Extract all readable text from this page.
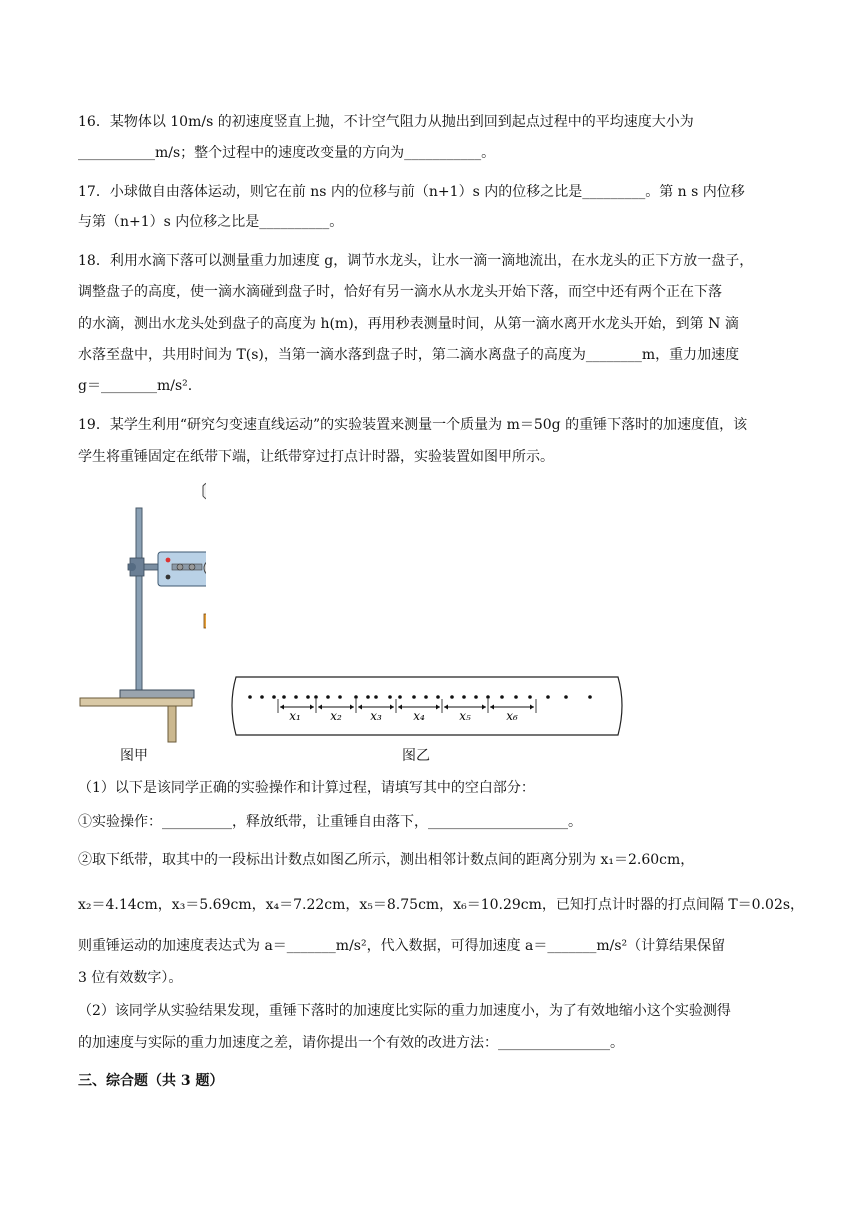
16．某物体以 10m/s 的初速度竖直上抛，不计空气阻力从抛出到回到起点过程中的平均速度大小为
___________m/s；整个过程中的速度改变量的方向为___________。
17．小球做自由落体运动，则它在前 ns 内的位移与前（n+1）s 内的位移之比是_________。第 n s 内位移
与第（n+1）s 内位移之比是__________。
18．利用水滴下落可以测量重力加速度 g，调节水龙头，让水一滴一滴地流出，在水龙头的正下方放一盘子，
调整盘子的高度，使一滴水滴碰到盘子时，恰好有另一滴水从水龙头开始下落，而空中还有两个正在下落
的水滴，测出水龙头处到盘子的高度为 h(m)，再用秒表测量时间，从第一滴水离开水龙头开始，到第 N 滴
水落至盘中，共用时间为 T(s)，当第一滴水落到盘子时，第二滴水离盘子的高度为________m，重力加速度
g＝________m/s².
19．某学生利用“研究匀变速直线运动”的实验装置来测量一个质量为 m＝50g 的重锤下落时的加速度值，该
学生将重锤固定在纸带下端，让纸带穿过打点计时器，实验装置如图甲所示。
x₁ x₂ x₃	x₄	x₅	x₆
图甲	图乙
（1）以下是该同学正确的实验操作和计算过程，请填写其中的空白部分：
①实验操作：__________，释放纸带，让重锤自由落下，____________________。
②取下纸带，取其中的一段标出计数点如图乙所示，测出相邻计数点间的距离分别为 x₁＝2.60cm，
x₂＝4.14cm，x₃＝5.69cm，x₄＝7.22cm，x₅＝8.75cm，x₆＝10.29cm，已知打点计时器的打点间隔 T＝0.02s，
则重锤运动的加速度表达式为 a＝_______m/s²，代入数据，可得加速度 a＝_______m/s²（计算结果保留
3 位有效数字）。
（2）该同学从实验结果发现，重锤下落时的加速度比实际的重力加速度小，为了有效地缩小这个实验测得
的加速度与实际的重力加速度之差，请你提出一个有效的改进方法：________________。
三、综合题（共 3 题）
